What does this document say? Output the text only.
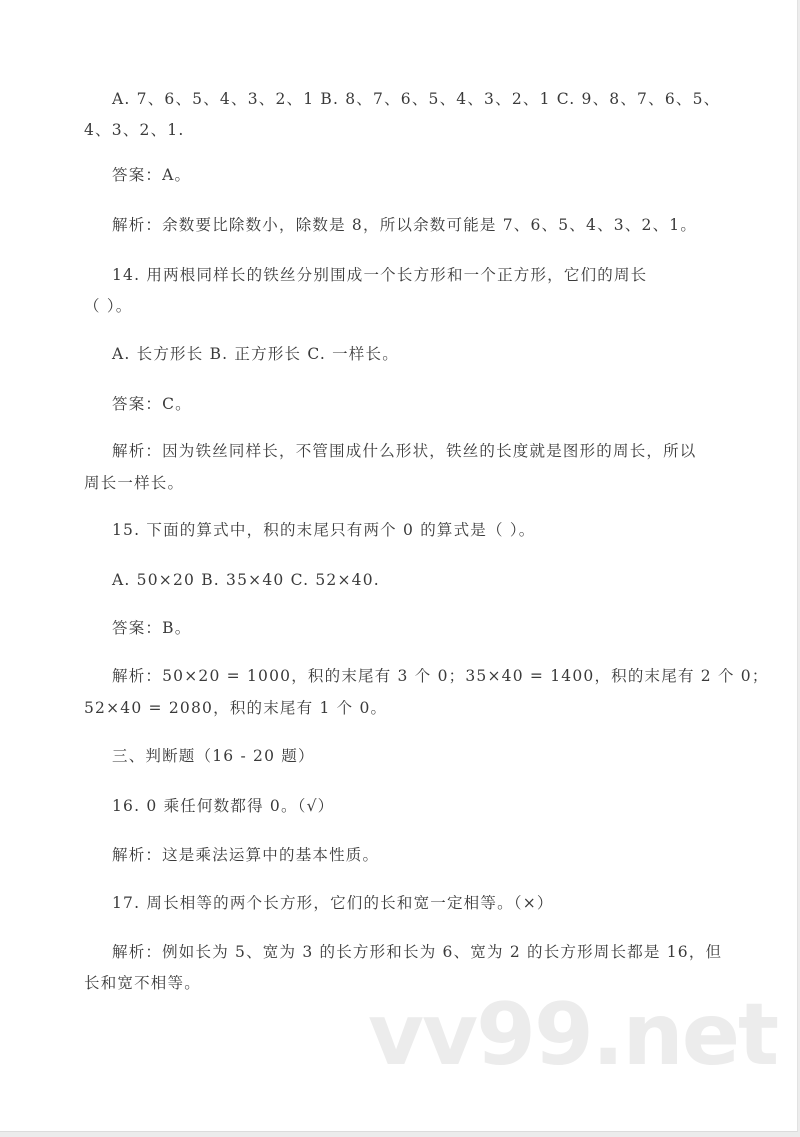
A. 7、6、5、4、3、2、1 B. 8、7、6、5、4、3、2、1 C. 9、8、7、6、5、
4、3、2、1.
答案：A。
解析：余数要比除数小，除数是 8，所以余数可能是 7、6、5、4、3、2、1。
14. 用两根同样长的铁丝分别围成一个长方形和一个正方形，它们的周长
（ ）。
A. 长方形长 B. 正方形长 C. 一样长。
答案：C。
解析：因为铁丝同样长，不管围成什么形状，铁丝的长度就是图形的周长，所以
周长一样长。
15. 下面的算式中，积的末尾只有两个 0 的算式是（ ）。
A. 50×20 B. 35×40 C. 52×40.
答案：B。
解析：50×20 = 1000，积的末尾有 3 个 0；35×40 = 1400，积的末尾有 2 个 0；
52×40 = 2080，积的末尾有 1 个 0。
三、判断题（16 - 20 题）
16. 0 乘任何数都得 0。（√）
解析：这是乘法运算中的基本性质。
17. 周长相等的两个长方形，它们的长和宽一定相等。（×）
解析：例如长为 5、宽为 3 的长方形和长为 6、宽为 2 的长方形周长都是 16，但
长和宽不相等。
vv99.net
